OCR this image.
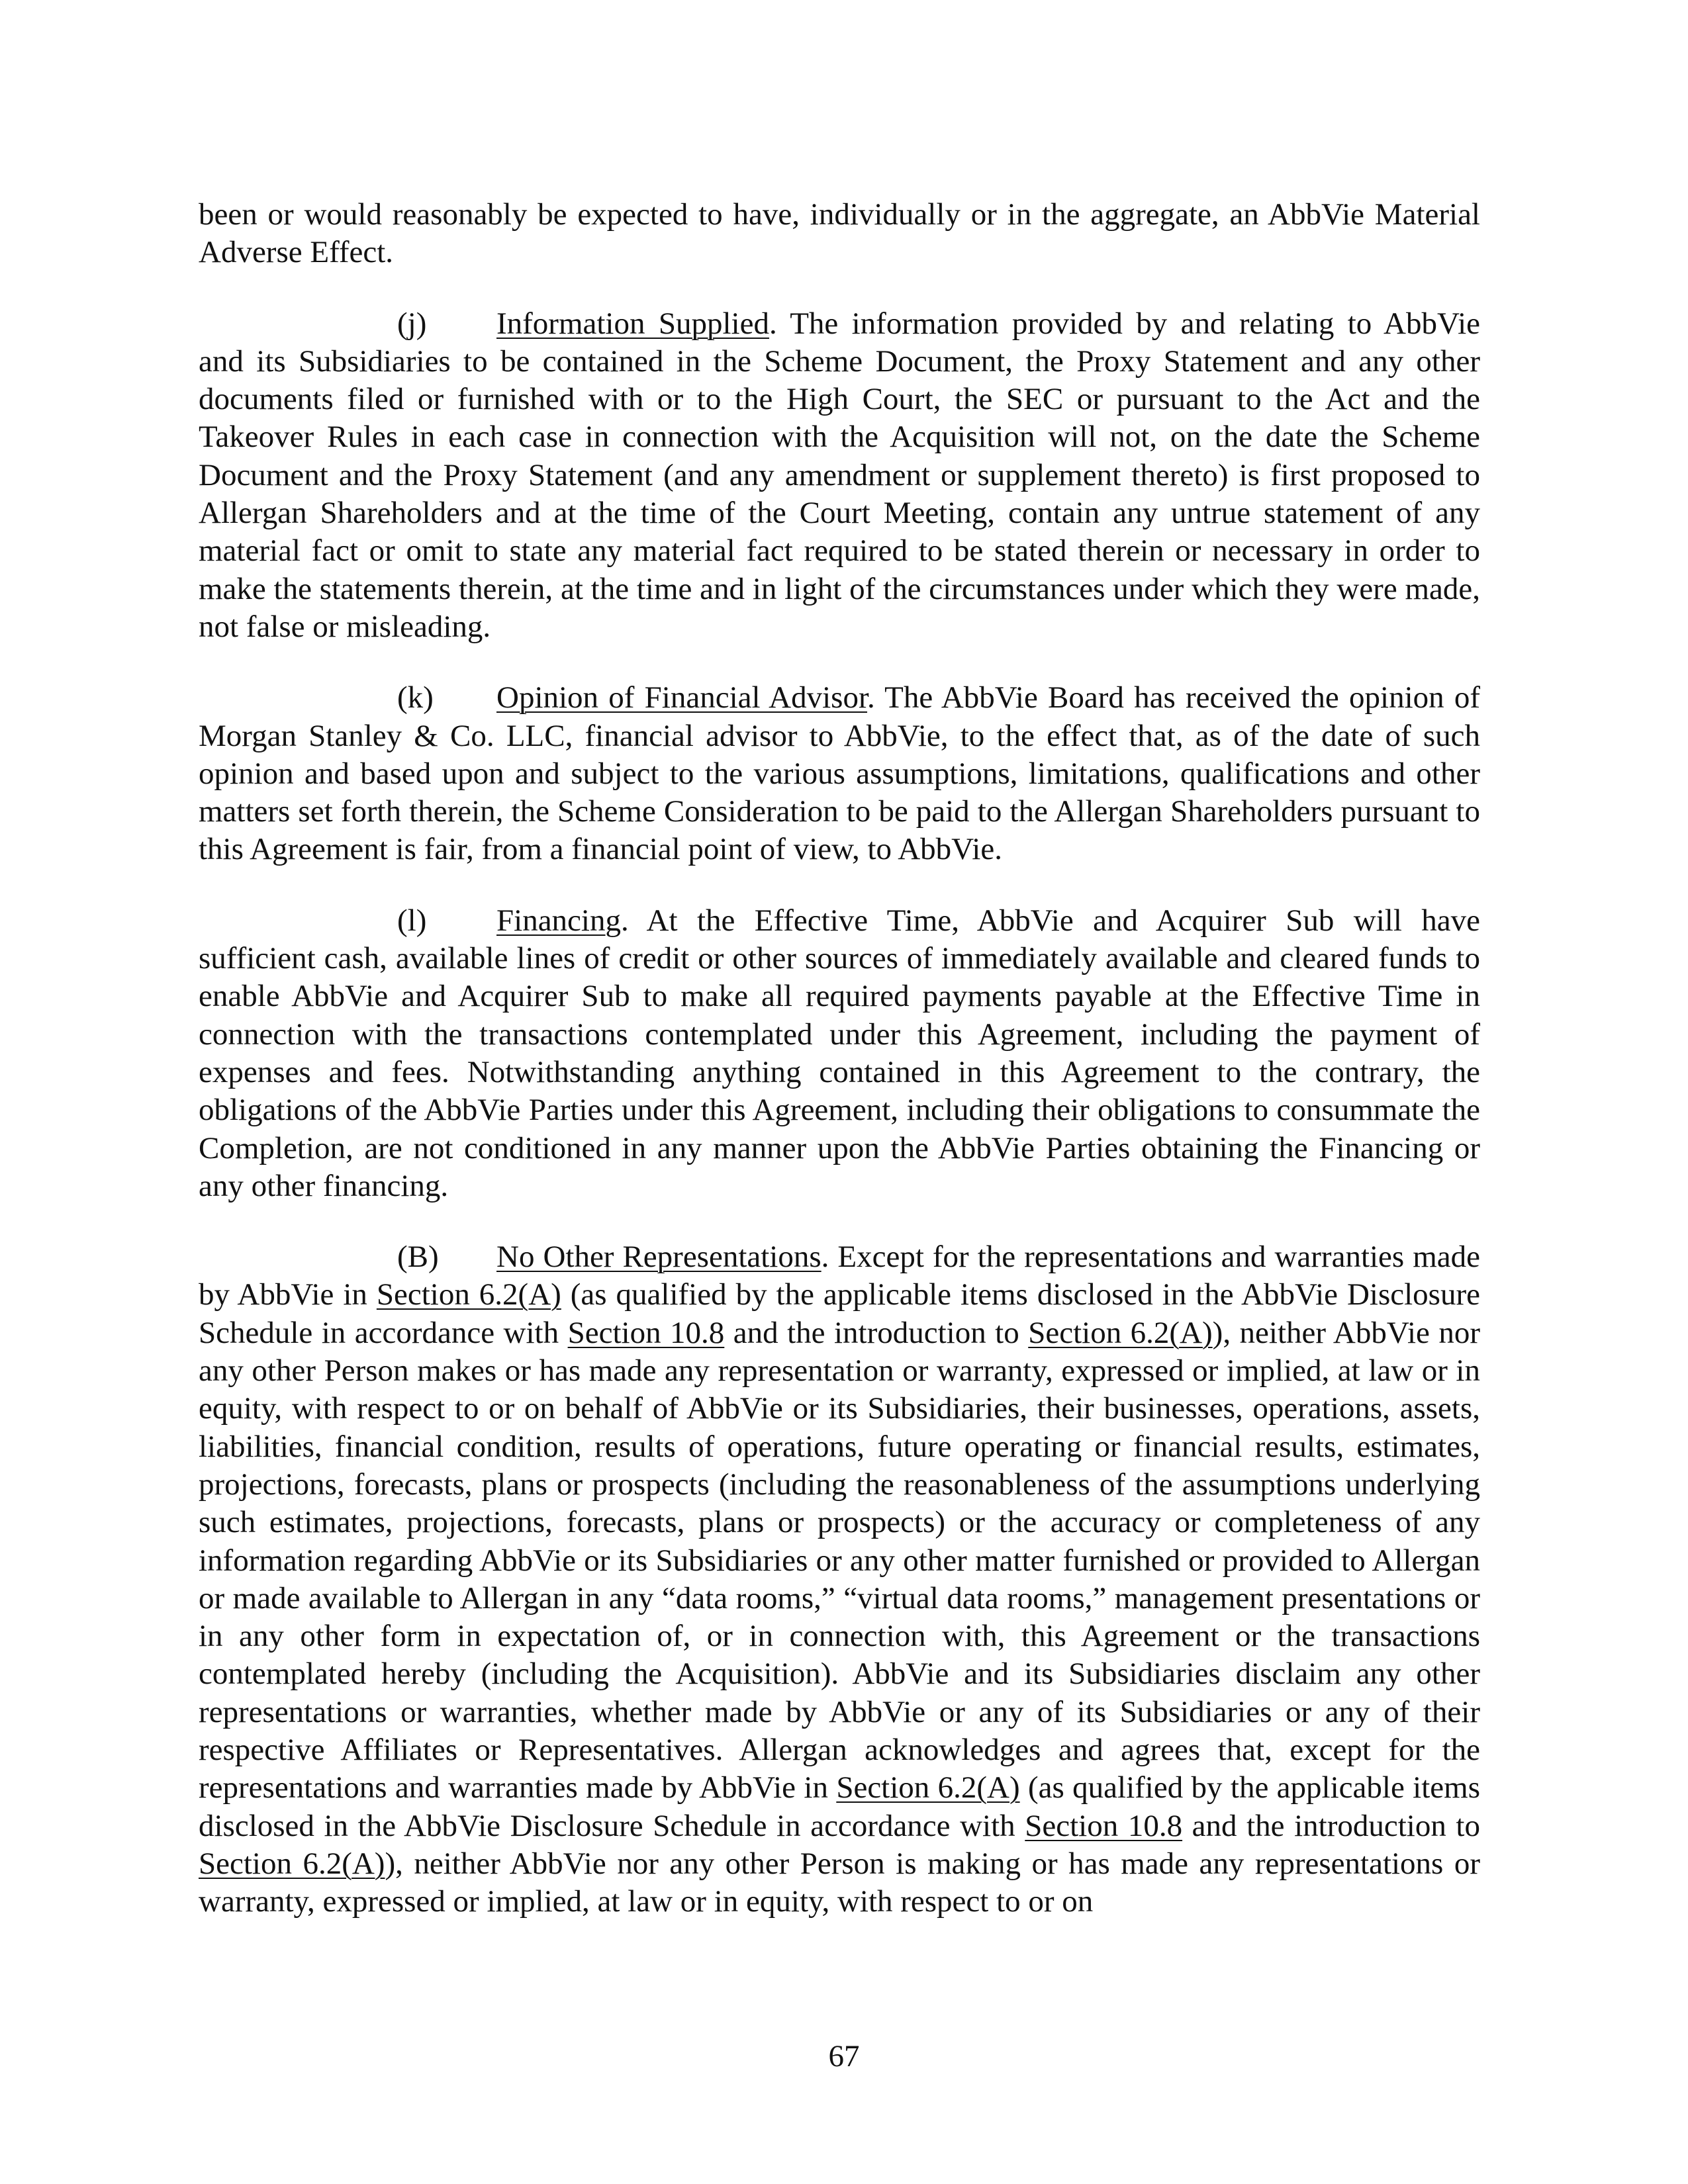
been or would reasonably be expected to have, individually or in the aggregate, an AbbVie Material Adverse Effect.

(j) Information Supplied. The information provided by and relating to AbbVie and its Subsidiaries to be contained in the Scheme Document, the Proxy Statement and any other documents filed or furnished with or to the High Court, the SEC or pursuant to the Act and the Takeover Rules in each case in connection with the Acquisition will not, on the date the Scheme Document and the Proxy Statement (and any amendment or supplement thereto) is first proposed to Allergan Shareholders and at the time of the Court Meeting, contain any untrue statement of any material fact or omit to state any material fact required to be stated therein or necessary in order to make the statements therein, at the time and in light of the circumstances under which they were made, not false or misleading.

(k) Opinion of Financial Advisor. The AbbVie Board has received the opinion of Morgan Stanley & Co. LLC, financial advisor to AbbVie, to the effect that, as of the date of such opinion and based upon and subject to the various assumptions, limitations, qualifications and other matters set forth therein, the Scheme Consideration to be paid to the Allergan Shareholders pursuant to this Agreement is fair, from a financial point of view, to AbbVie.

(l) Financing. At the Effective Time, AbbVie and Acquirer Sub will have sufficient cash, available lines of credit or other sources of immediately available and cleared funds to enable AbbVie and Acquirer Sub to make all required payments payable at the Effective Time in connection with the transactions contemplated under this Agreement, including the payment of expenses and fees. Notwithstanding anything contained in this Agreement to the contrary, the obligations of the AbbVie Parties under this Agreement, including their obligations to consummate the Completion, are not conditioned in any manner upon the AbbVie Parties obtaining the Financing or any other financing.

(B) No Other Representations. Except for the representations and warranties made by AbbVie in Section 6.2(A) (as qualified by the applicable items disclosed in the AbbVie Disclosure Schedule in accordance with Section 10.8 and the introduction to Section 6.2(A)), neither AbbVie nor any other Person makes or has made any representation or warranty, expressed or implied, at law or in equity, with respect to or on behalf of AbbVie or its Subsidiaries, their businesses, operations, assets, liabilities, financial condition, results of operations, future operating or financial results, estimates, projections, forecasts, plans or prospects (including the reasonableness of the assumptions underlying such estimates, projections, forecasts, plans or prospects) or the accuracy or completeness of any information regarding AbbVie or its Subsidiaries or any other matter furnished or provided to Allergan or made available to Allergan in any “data rooms,” “virtual data rooms,” management presentations or in any other form in expectation of, or in connection with, this Agreement or the transactions contemplated hereby (including the Acquisition). AbbVie and its Subsidiaries disclaim any other representations or warranties, whether made by AbbVie or any of its Subsidiaries or any of their respective Affiliates or Representatives. Allergan acknowledges and agrees that, except for the representations and warranties made by AbbVie in Section 6.2(A) (as qualified by the applicable items disclosed in the AbbVie Disclosure Schedule in accordance with Section 10.8 and the introduction to Section 6.2(A)), neither AbbVie nor any other Person is making or has made any representations or warranty, expressed or implied, at law or in equity, with respect to or on

67
